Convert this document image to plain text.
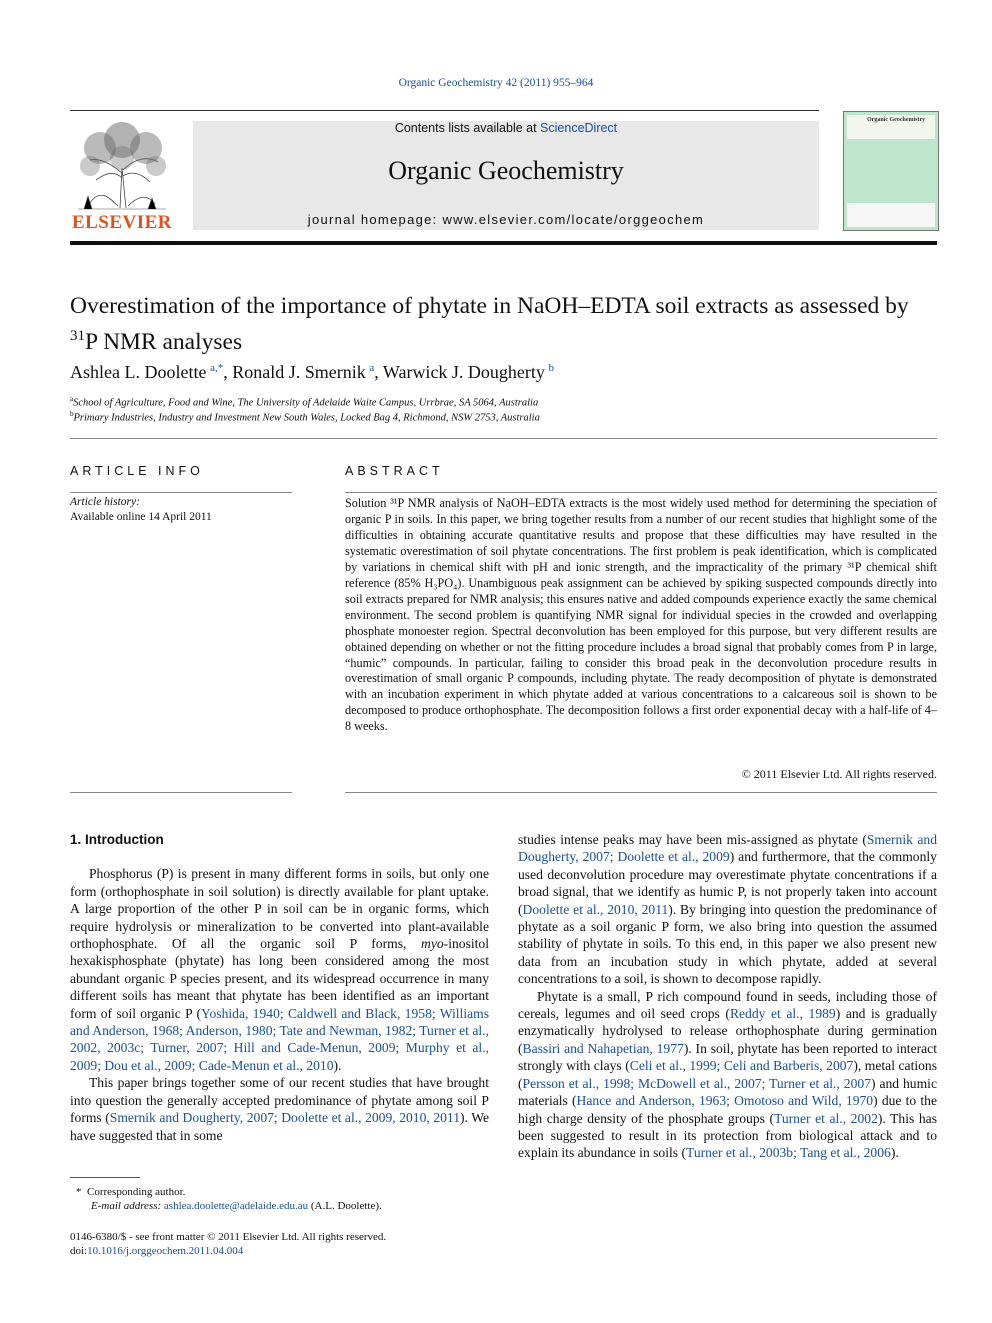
Organic Geochemistry 42 (2011) 955–964
ELSEVIER
Contents lists available at ScienceDirect
Organic Geochemistry
journal homepage: www.elsevier.com/locate/orggeochem
Organic Geochemistry
Overestimation of the importance of phytate in NaOH–EDTA soil extracts as assessed by $^{31}$P NMR analyses
Ashlea L. Doolette  $^{a,*}$, Ronald J. Smernik  $^a$, Warwick J. Dougherty  $^b$
$^a$School of Agriculture, Food and Wine, The University of Adelaide Waite Campus, Urrbrae, SA 5064, Australia
$^b$Primary Industries, Industry and Investment New South Wales, Locked Bag 4, Richmond, NSW 2753, Australia
ARTICLE INFO
Article history:
Available online 14 April 2011
ABSTRACT
Solution ³¹P NMR analysis of NaOH–EDTA extracts is the most widely used method for determining the speciation of organic P in soils. In this paper, we bring together results from a number of our recent studies that highlight some of the difficulties in obtaining accurate quantitative results and propose that these difficulties may have resulted in the systematic overestimation of soil phytate concentrations. The first problem is peak identification, which is complicated by variations in chemical shift with pH and ionic strength, and the impracticality of the primary ³¹P chemical shift reference (85% H₃PO₄). Unambiguous peak assignment can be achieved by spiking suspected compounds directly into soil extracts prepared for NMR analysis; this ensures native and added compounds experience exactly the same chemical environment. The second problem is quantifying NMR signal for individual species in the crowded and overlapping phosphate monoester region. Spectral deconvolution has been employed for this purpose, but very different results are obtained depending on whether or not the fitting procedure includes a broad signal that probably comes from P in large, “humic” compounds. In particular, failing to consider this broad peak in the deconvolution procedure results in overestimation of small organic P compounds, including phytate. The ready decomposition of phytate is demonstrated with an incubation experiment in which phytate added at various concentrations to a calcareous soil is shown to be decomposed to produce orthophosphate. The decomposition follows a first order exponential decay with a half-life of 4–8 weeks.
© 2011 Elsevier Ltd. All rights reserved.
1. Introduction

Phosphorus (P) is present in many different forms in soils, but only one form (orthophosphate in soil solution) is directly available for plant uptake. A large proportion of the other P in soil can be in organic forms, which require hydrolysis or mineralization to be converted into plant-available orthophosphate. Of all the organic soil P forms, myo-inositol hexakisphosphate (phytate) has long been considered among the most abundant organic P species present, and its widespread occurrence in many different soils has meant that phytate has been identified as an important form of soil organic P (Yoshida, 1940; Caldwell and Black, 1958; Williams and Anderson, 1968; Anderson, 1980; Tate and Newman, 1982; Turner et al., 2002, 2003c; Turner, 2007; Hill and Cade-Menun, 2009; Murphy et al., 2009; Dou et al., 2009; Cade-Menun et al., 2010).

This paper brings together some of our recent studies that have brought into question the generally accepted predominance of phytate among soil P forms (Smernik and Dougherty, 2007; Doolette et al., 2009, 2010, 2011). We have suggested that in some

studies intense peaks may have been mis-assigned as phytate (Smernik and Dougherty, 2007; Doolette et al., 2009) and furthermore, that the commonly used deconvolution procedure may overestimate phytate concentrations if a broad signal, that we identify as humic P, is not properly taken into account (Doolette et al., 2010, 2011). By bringing into question the predominance of phytate as a soil organic P form, we also bring into question the assumed stability of phytate in soils. To this end, in this paper we also present new data from an incubation study in which phytate, added at several concentrations to a soil, is shown to decompose rapidly.

Phytate is a small, P rich compound found in seeds, including those of cereals, legumes and oil seed crops (Reddy et al., 1989) and is gradually enzymatically hydrolysed to release orthophosphate during germination (Bassiri and Nahapetian, 1977). In soil, phytate has been reported to interact strongly with clays (Celi et al., 1999; Celi and Barberis, 2007), metal cations (Persson et al., 1998; McDowell et al., 2007; Turner et al., 2007) and humic materials (Hance and Anderson, 1963; Omotoso and Wild, 1970) due to the high charge density of the phosphate groups (Turner et al., 2002). This has been suggested to result in its protection from biological attack and to explain its abundance in soils (Turner et al., 2003b; Tang et al., 2006).

* Corresponding author.
E-mail address: ashlea.doolette@adelaide.edu.au (A.L. Doolette).
0146-6380/$ - see front matter © 2011 Elsevier Ltd. All rights reserved.
doi:10.1016/j.orggeochem.2011.04.004
